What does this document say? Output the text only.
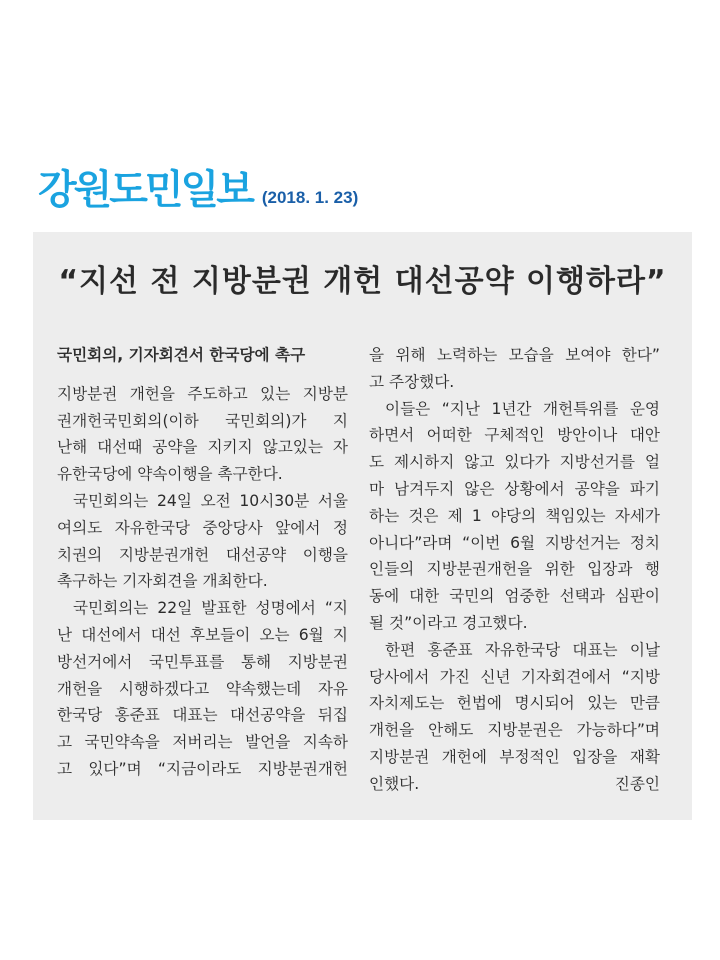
강원도민일보 (2018. 1. 23)
“지선 전 지방분권 개헌 대선공약 이행하라”
국민회의, 기자회견서 한국당에 촉구
지방분권 개헌을 주도하고 있는 지방분
권개헌국민회의(이하 국민회의)가 지
난해 대선때 공약을 지키지 않고있는 자
유한국당에 약속이행을 촉구한다.
국민회의는 24일 오전 10시30분 서울
여의도 자유한국당 중앙당사 앞에서 정
치권의 지방분권개헌 대선공약 이행을
촉구하는 기자회견을 개최한다.
국민회의는 22일 발표한 성명에서 “지
난 대선에서 대선 후보들이 오는 6월 지
방선거에서 국민투표를 통해 지방분권
개헌을 시행하겠다고 약속했는데 자유
한국당 홍준표 대표는 대선공약을 뒤집
고 국민약속을 저버리는 발언을 지속하
고 있다”며 “지금이라도 지방분권개헌
을 위해 노력하는 모습을 보여야 한다”
고 주장했다.
이들은 “지난 1년간 개헌특위를 운영
하면서 어떠한 구체적인 방안이나 대안
도 제시하지 않고 있다가 지방선거를 얼
마 남겨두지 않은 상황에서 공약을 파기
하는 것은 제 1 야당의 책임있는 자세가
아니다”라며 “이번 6월 지방선거는 정치
인들의 지방분권개헌을 위한 입장과 행
동에 대한 국민의 엄중한 선택과 심판이
될 것”이라고 경고했다.
한편 홍준표 자유한국당 대표는 이날
당사에서 가진 신년 기자회견에서 “지방
자치제도는 헌법에 명시되어 있는 만큼
개헌을 안해도 지방분권은 가능하다”며
지방분권 개헌에 부정적인 입장을 재확
인했다.	진종인
